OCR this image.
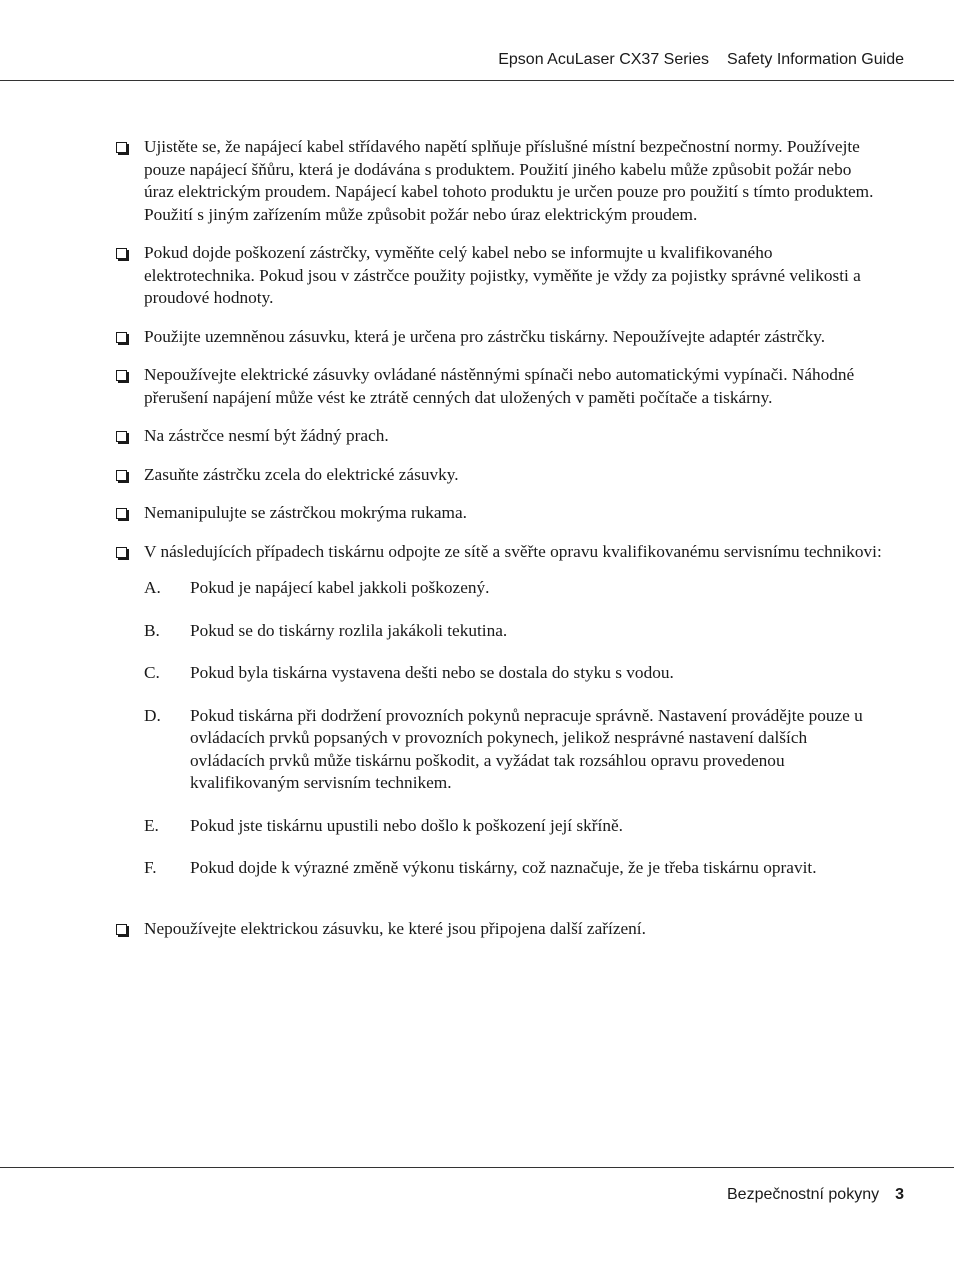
Epson AcuLaser CX37 Series Safety Information Guide
Ujistěte se, že napájecí kabel střídavého napětí splňuje příslušné místní bezpečnostní normy. Používejte pouze napájecí šňůru, která je dodávána s produktem. Použití jiného kabelu může způsobit požár nebo úraz elektrickým proudem. Napájecí kabel tohoto produktu je určen pouze pro použití s tímto produktem. Použití s jiným zařízením může způsobit požár nebo úraz elektrickým proudem.
Pokud dojde poškození zástrčky, vyměňte celý kabel nebo se informujte u kvalifikovaného elektrotechnika. Pokud jsou v zástrčce použity pojistky, vyměňte je vždy za pojistky správné velikosti a proudové hodnoty.
Použijte uzemněnou zásuvku, která je určena pro zástrčku tiskárny. Nepoužívejte adaptér zástrčky.
Nepoužívejte elektrické zásuvky ovládané nástěnnými spínači nebo automatickými vypínači. Náhodné přerušení napájení může vést ke ztrátě cenných dat uložených v paměti počítače a tiskárny.
Na zástrčce nesmí být žádný prach.
Zasuňte zástrčku zcela do elektrické zásuvky.
Nemanipulujte se zástrčkou mokrýma rukama.
V následujících případech tiskárnu odpojte ze sítě a svěřte opravu kvalifikovanému servisnímu technikovi:
A. Pokud je napájecí kabel jakkoli poškozený.
B. Pokud se do tiskárny rozlila jakákoli tekutina.
C. Pokud byla tiskárna vystavena dešti nebo se dostala do styku s vodou.
D. Pokud tiskárna při dodržení provozních pokynů nepracuje správně. Nastavení provádějte pouze u ovládacích prvků popsaných v provozních pokynech, jelikož nesprávné nastavení dalších ovládacích prvků může tiskárnu poškodit, a vyžádat tak rozsáhlou opravu provedenou kvalifikovaným servisním technikem.
E. Pokud jste tiskárnu upustili nebo došlo k poškození její skříně.
F. Pokud dojde k výrazné změně výkonu tiskárny, což naznačuje, že je třeba tiskárnu opravit.
Nepoužívejte elektrickou zásuvku, ke které jsou připojena další zařízení.
Bezpečnostní pokyny 3
